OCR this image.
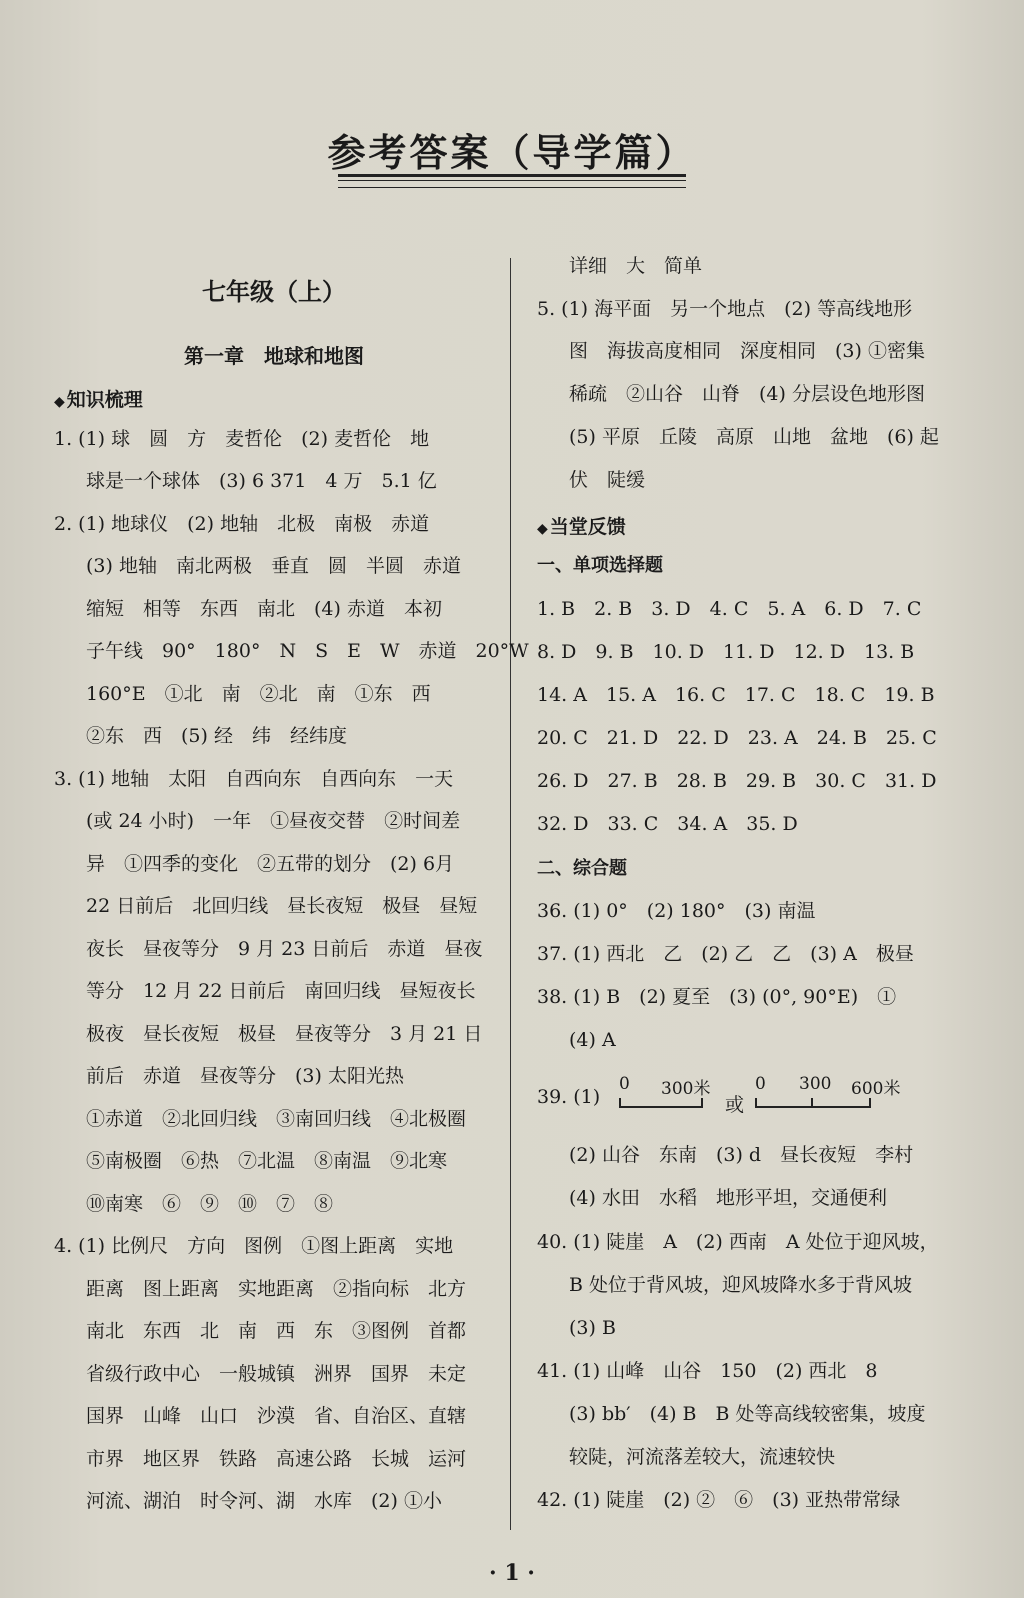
参考答案（导学篇）
七年级（上）
第一章　地球和地图
◆ 知识梳理
1. (1) 球　圆　方　麦哲伦　(2) 麦哲伦　地
球是一个球体　(3) 6 371　4 万　5.1 亿
2. (1) 地球仪　(2) 地轴　北极　南极　赤道
(3) 地轴　南北两极　垂直　圆　半圆　赤道
缩短　相等　东西　南北　(4) 赤道　本初
子午线　90°　180°　N　S　E　W　赤道　20°W
160°E　①北　南　②北　南　①东　西
②东　西　(5) 经　纬　经纬度
3. (1) 地轴　太阳　自西向东　自西向东　一天
(或 24 小时)　一年　①昼夜交替　②时间差
异　①四季的变化　②五带的划分　(2) 6月
22 日前后　北回归线　昼长夜短　极昼　昼短
夜长　昼夜等分　9 月 23 日前后　赤道　昼夜
等分　12 月 22 日前后　南回归线　昼短夜长
极夜　昼长夜短　极昼　昼夜等分　3 月 21 日
前后　赤道　昼夜等分　(3) 太阳光热
①赤道　②北回归线　③南回归线　④北极圈
⑤南极圈　⑥热　⑦北温　⑧南温　⑨北寒
⑩南寒　⑥　⑨　⑩　⑦　⑧
4. (1) 比例尺　方向　图例　①图上距离　实地
距离　图上距离　实地距离　②指向标　北方
南北　东西　北　南　西　东　③图例　首都
省级行政中心　一般城镇　洲界　国界　未定
国界　山峰　山口　沙漠　省、自治区、直辖
市界　地区界　铁路　高速公路　长城　运河
河流、湖泊　时令河、湖　水库　(2) ①小
详细　大　简单
5. (1) 海平面　另一个地点　(2) 等高线地形
图　海拔高度相同　深度相同　(3) ①密集
稀疏　②山谷　山脊　(4) 分层设色地形图
(5) 平原　丘陵　高原　山地　盆地　(6) 起
伏　陡缓
◆ 当堂反馈
一、单项选择题
1. B　2. B　3. D　4. C　5. A　6. D　7. C
8. D　9. B　10. D　11. D　12. D　13. B
14. A　15. A　16. C　17. C　18. C　19. B
20. C　21. D　22. D　23. A　24. B　25. C
26. D　27. B　28. B　29. B　30. C　31. D
32. D　33. C　34. A　35. D
二、综合题
36. (1) 0°　(2) 180°　(3) 南温
37. (1) 西北　乙　(2) 乙　乙　(3) A　极昼
38. (1) B　(2) 夏至　(3) (0°, 90°E)　①
(4) A
39. (1)
0 300米
或
0 300 600米
(2) 山谷　东南　(3) d　昼长夜短　李村
(4) 水田　水稻　地形平坦，交通便利
40. (1) 陡崖　A　(2) 西南　A 处位于迎风坡，
B 处位于背风坡，迎风坡降水多于背风坡
(3) B
41. (1) 山峰　山谷　150　(2) 西北　8
(3) bb′　(4) B　B 处等高线较密集，坡度
较陡，河流落差较大，流速较快
42. (1) 陡崖　(2) ②　⑥　(3) 亚热带常绿
· 1 ·
